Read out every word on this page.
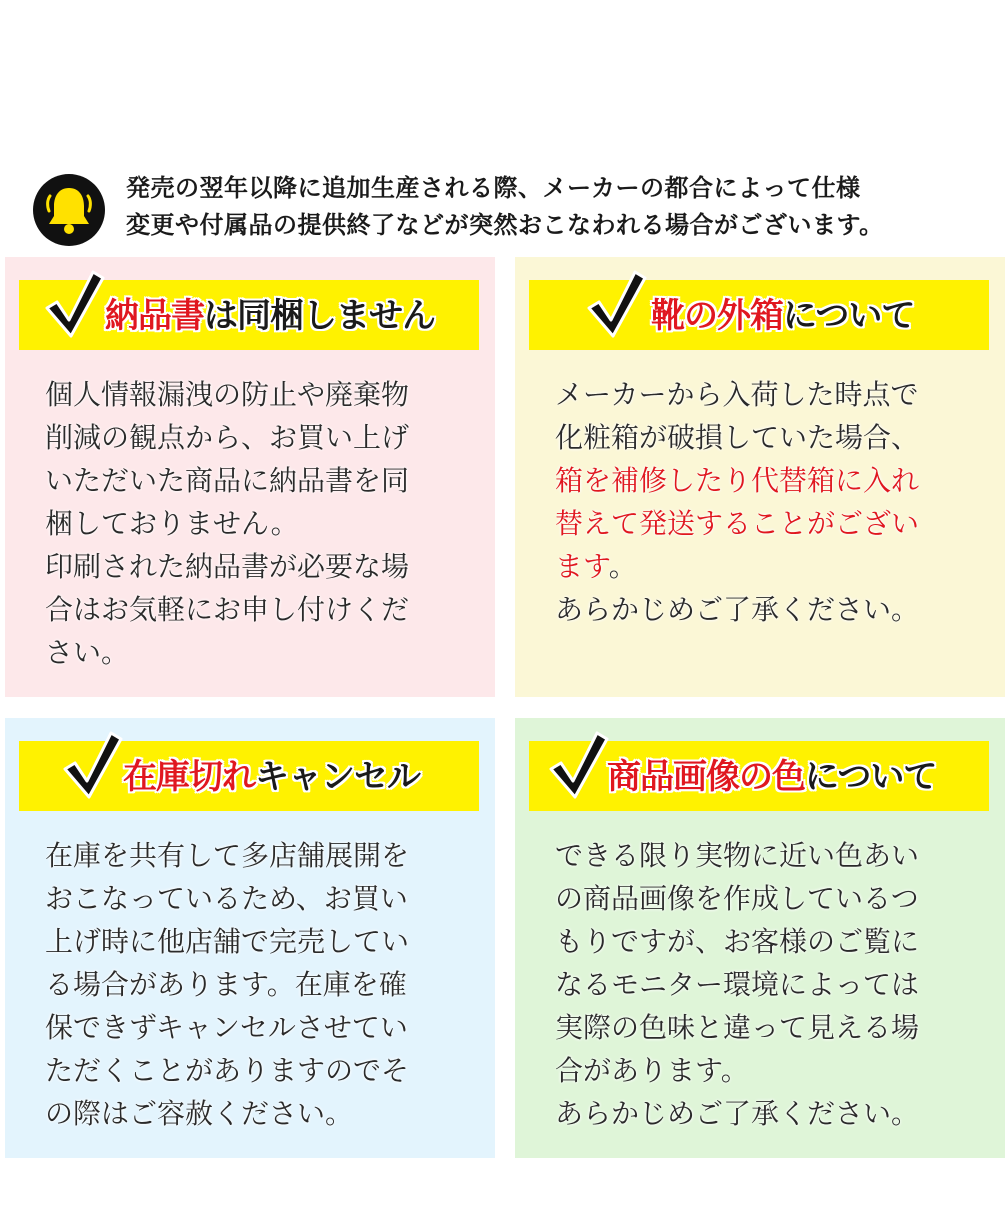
発売の翌年以降に追加生産される際、メーカーの都合によって仕様
変更や付属品の提供終了などが突然おこなわれる場合がございます。
納品書は同梱しません
個人情報漏洩の防止や廃棄物
削減の観点から、お買い上げ
いただいた商品に納品書を同
梱しておりません。
印刷された納品書が必要な場
合はお気軽にお申し付けくだ
さい。
靴の外箱について
メーカーから入荷した時点で
化粧箱が破損していた場合、
箱を補修したり代替箱に入れ
替えて発送することがござい
ます。
あらかじめご了承ください。
在庫切れキャンセル
在庫を共有して多店舗展開を
おこなっているため、お買い
上げ時に他店舗で完売してい
る場合があります。在庫を確
保できずキャンセルさせてい
ただくことがありますのでそ
の際はご容赦ください。
商品画像の色について
できる限り実物に近い色あい
の商品画像を作成しているつ
もりですが、お客様のご覧に
なるモニター環境によっては
実際の色味と違って見える場
合があります。
あらかじめご了承ください。
